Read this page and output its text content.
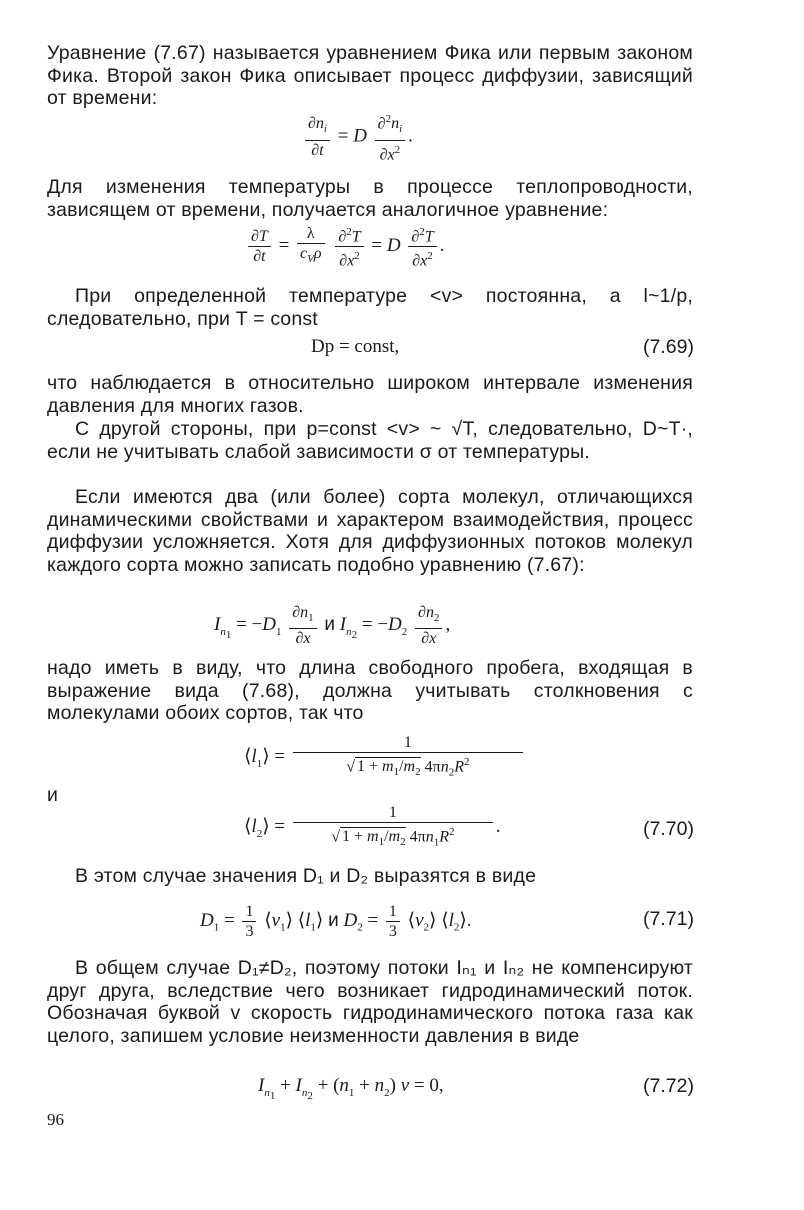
Уравнение (7.67) называется уравнением Фика или первым законом Фика. Второй закон Фика описывает процесс диффузии, зависящий от времени:
$\frac{\partial n_i}{\partial t} = D \frac{\partial^2n_i}{\partial x^2}$ .
Для изменения температуры в процессе теплопроводности, зависящем от времени, получается аналогичное уравнение:
$\frac{\partial T}{\partial t} = \frac{\lambda}{c_V\rho}$
$\frac{\partial^2T}{\partial x^2} = D \frac{\partial^2T}{\partial x^2}$ .
При определенной температуре <v> постоянна, а l~1/p, следовательно, при T = const
Dp = const,	(7.69)
что наблюдается в относительно широком интервале изменения давления для многих газов.
С другой стороны, при p=const <v> ~ √T, следовательно, D~T·, если не учитывать слабой зависимости σ от температуры.
Если имеются два (или более) сорта молекул, отличающихся динамическими свойствами и характером взаимодействия, процесс диффузии усложняется. Хотя для диффузионных потоков молекул каждого сорта можно записать подобно уравнению (7.67):
$I_{n_1} = -D_1 \frac{\partial n_1}{\partial x}$ и $I_{n_2} = -D_2 \frac{\partial n_2}{\partial x}$ ,
надо иметь в виду, что длина свободного пробега, входящая в выражение вида (7.68), должна учитывать столкновения с молекулами обоих сортов, так что
$⟨l_1⟩ = \frac{1}{√ 1 + m_1/m_2 4\pi n_2R^2}$
и
$⟨l_2⟩ = \frac{1}{√ 1 + m_1/m_2 4\pi n_1R^2}$ .	(7.70)
В этом случае значения D₁ и D₂ выразятся в виде
$D_1 = \frac{1}{3}$ $⟨v_1⟩$ $⟨l_1⟩$ и $D_2 = \frac{1}{3}$ $⟨v_2⟩$ $⟨l_2⟩$.	(7.71)
В общем случае D₁≠D₂, поэтому потоки Iₙ₁ и Iₙ₂ не компенсируют друг друга, вследствие чего возникает гидродинамический поток. Обозначая буквой v скорость гидродинамического потока газа как целого, запишем условие неизменности давления в виде
$I_{n_1} + I_{n_2} + (n_1 + n_2) v = 0$,	(7.72)
96
